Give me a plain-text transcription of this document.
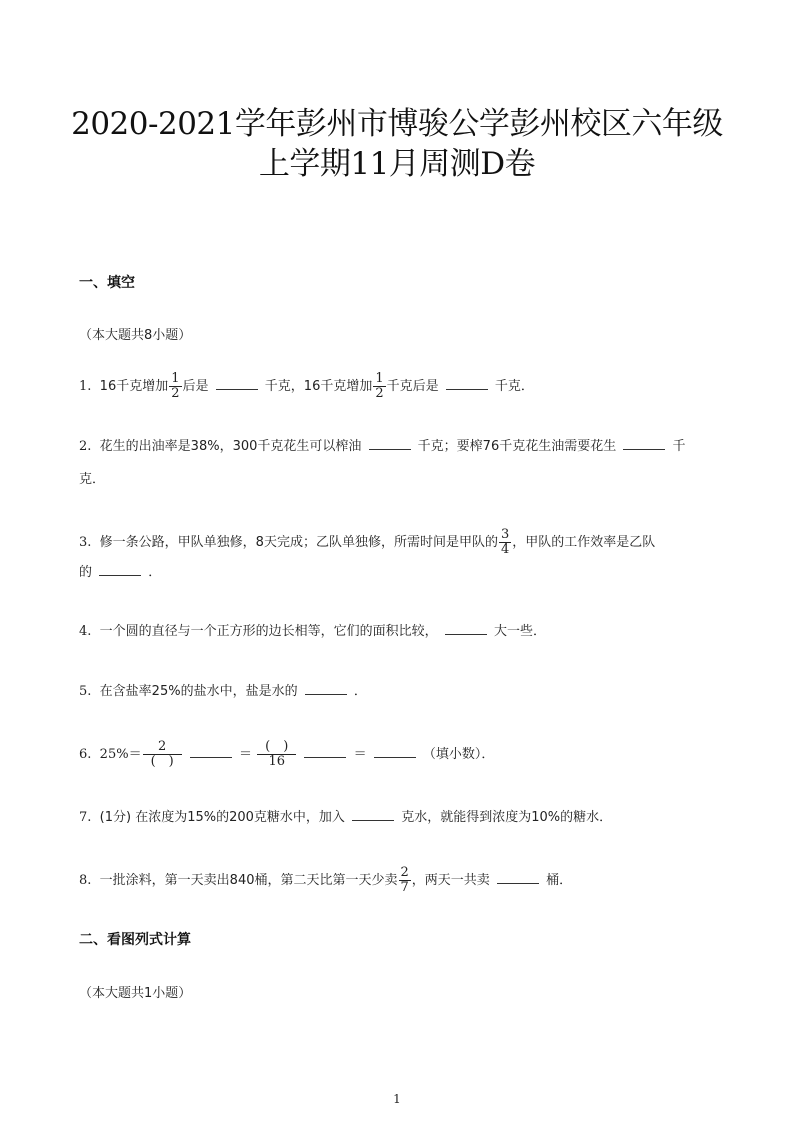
2020-2021学年彭州市博骏公学彭州校区六年级
上学期11月周测D卷
一、填空
（本大题共8小题）
1. 16千克增加 $\frac{1}{2}$ 后是	千克，16千克增加 $\frac{1}{2}$ 千克后是	千克．
2. 花生的出油率是38%，300千克花生可以榨油	千克；要榨76千克花生油需要花生	千
克．
3. 修一条公路，甲队单独修，8天完成；乙队单独修，所需时间是甲队的 $\frac{3}{4}$ ，甲队的工作效率是乙队
的	．
4. 一个圆的直径与一个正方形的边长相等，它们的面积比较，	大一些．
5. 在含盐率25%的盐水中，盐是水的	．
6. $25\%= \frac{2}{( )}$	＝ $\frac{( )}{16}$	＝	（填小数）．
7. (1分) 在浓度为15%的200克糖水中，加入	克水，就能得到浓度为10%的糖水．
8. 一批涂料，第一天卖出840桶，第二天比第一天少卖 $\frac{2}{7}$ ，两天一共卖	桶．
二、看图列式计算
（本大题共1小题）
1
